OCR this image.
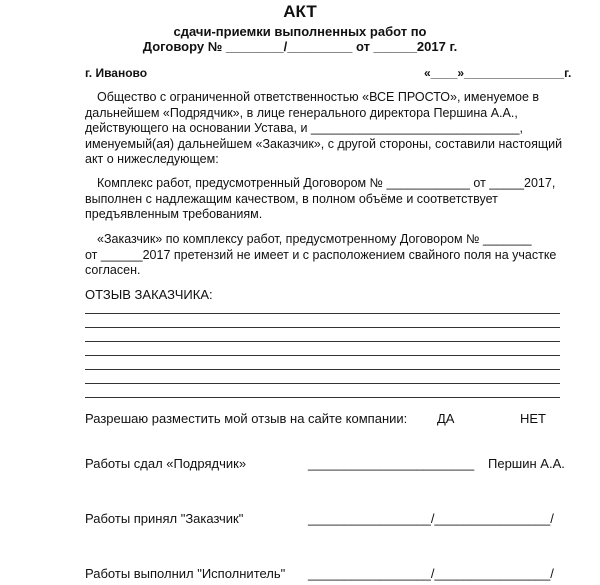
АКТ
сдачи-приемки выполненных работ по
Договору № ________/_________ от ______2017 г.
г. Иваново	«____»_______________г.
Общество с ограниченной ответственностью «ВСЕ ПРОСТО», именуемое в
дальнейшем «Подрядчик», в лице генерального директора Першина А.А.,
действующего на основании Устава, и ______________________________,
именуемый(ая) дальнейшем «Заказчик», с другой стороны, составили настоящий
акт о нижеследующем:
Комплекс работ, предусмотренный Договором № ____________ от _____2017,
выполнен с надлежащим качеством, в полном объёме и соответствует
предъявленным требованиям.
«Заказчик» по комплексу работ, предусмотренному Договором № _______
от ______2017 претензий не имеет и с расположением свайного поля на участке
согласен.
ОТЗЫВ ЗАКАЗЧИКА:
Разрешаю разместить мой отзыв на сайте компании: ДА	НЕТ
Работы сдал «Подрядчик»	_______________________ Першин А.А.
Работы принял "Заказчик"	_________________/________________/
Работы выполнил "Исполнитель" _________________/________________/
